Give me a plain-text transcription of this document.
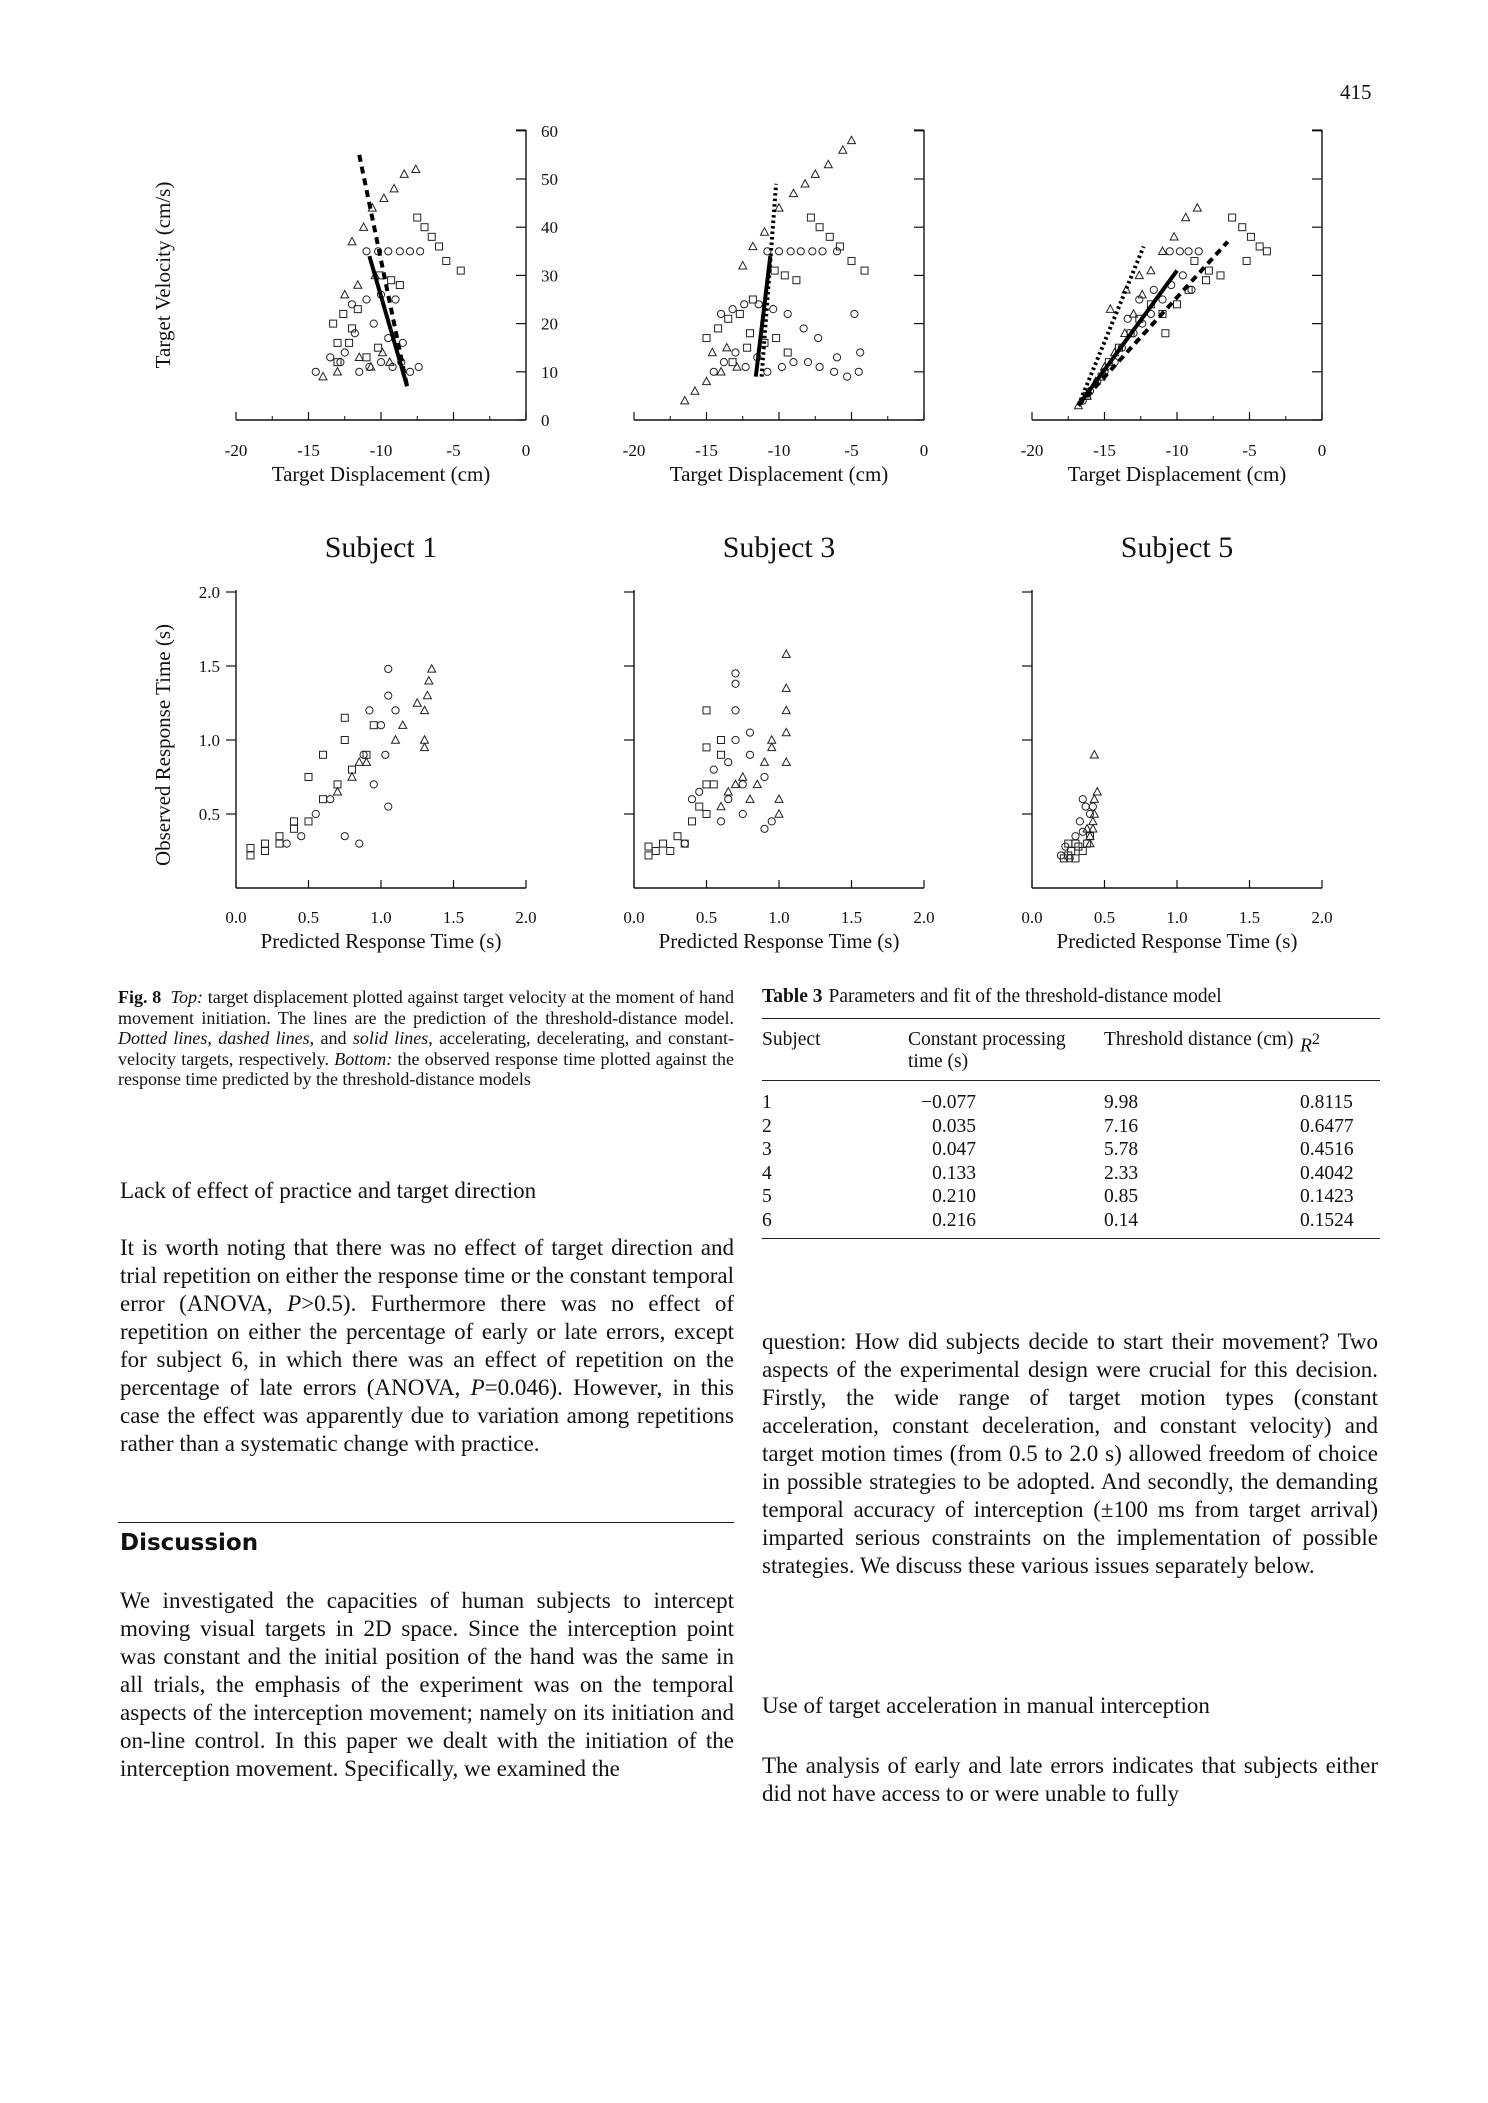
415
Target Velocity (cm/s)
Observed Response Time (s)
Subject 1	Subject 3	Subject 5
-20	-15	-10	-5	0
Target Displacement (cm)
0
10
20
30
40
50
60
-20	-15	-10	-5	0
Target Displacement (cm)
-20	-15	-10	-5	0
Target Displacement (cm)
0.0	0.5	1.0	1.5	2.0
Predicted Response Time (s)
0.5
1.0
1.5
2.0
0.0	0.5	1.0	1.5	2.0
Predicted Response Time (s)
0.0	0.5	1.0	1.5	2.0
Predicted Response Time (s)
Fig. 8 Top: target displacement plotted against target velocity at the moment of hand movement initiation. The lines are the prediction of the threshold-distance model. Dotted lines, dashed lines, and solid lines, accelerating, decelerating, and constant-velocity targets, respectively. Bottom: the observed response time plotted against the response time predicted by the threshold-distance models
Table 3 Parameters and fit of the threshold-distance model
Subject	Constant processing time (s)	Threshold distance (cm)	$R^2$
1	−0.077	9.98	0.8115
2	0.035	7.16	0.6477
3	0.047	5.78	0.4516
4	0.133	2.33	0.4042
5	0.210	0.85	0.1423
6	0.216	0.14	0.1524
Lack of effect of practice and target direction
It is worth noting that there was no effect of target direction and trial repetition on either the response time or the constant temporal error (ANOVA, P>0.5). Furthermore there was no effect of repetition on either the percentage of early or late errors, except for subject 6, in which there was an effect of repetition on the percentage of late errors (ANOVA, P=0.046). However, in this case the effect was apparently due to variation among repetitions rather than a systematic change with practice.
Discussion
We investigated the capacities of human subjects to intercept moving visual targets in 2D space. Since the interception point was constant and the initial position of the hand was the same in all trials, the emphasis of the experiment was on the temporal aspects of the interception movement; namely on its initiation and on-line control. In this paper we dealt with the initiation of the interception movement. Specifically, we examined the
question: How did subjects decide to start their movement? Two aspects of the experimental design were crucial for this decision. Firstly, the wide range of target motion types (constant acceleration, constant deceleration, and constant velocity) and target motion times (from 0.5 to 2.0 s) allowed freedom of choice in possible strategies to be adopted. And secondly, the demanding temporal accuracy of interception (±100 ms from target arrival) imparted serious constraints on the implementation of possible strategies. We discuss these various issues separately below.
Use of target acceleration in manual interception
The analysis of early and late errors indicates that subjects either did not have access to or were unable to fully
